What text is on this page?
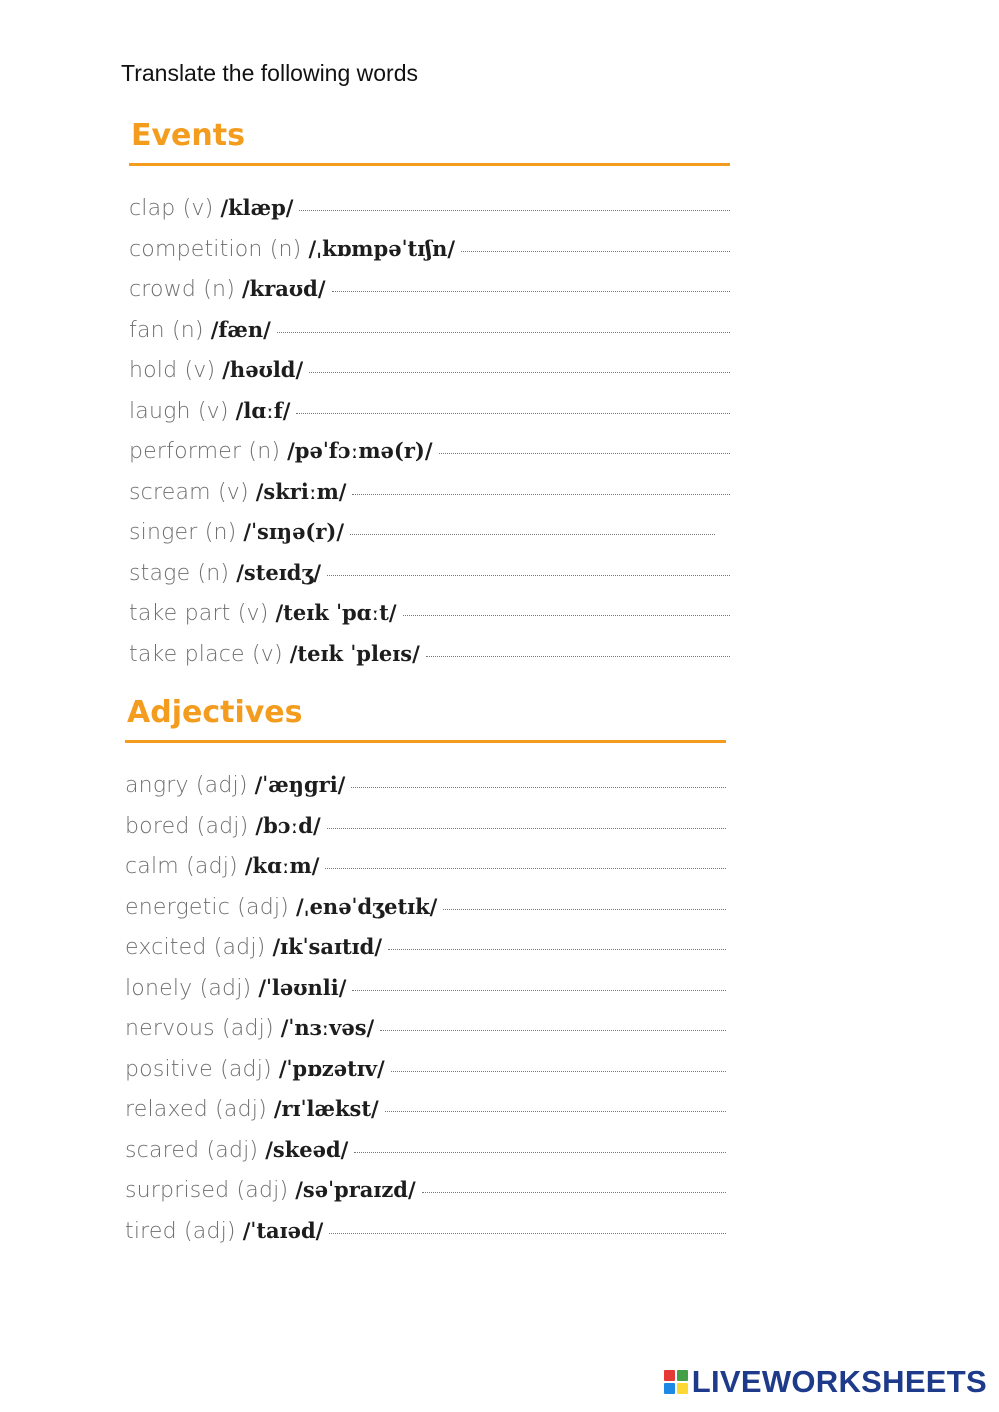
Translate the following words
Events
clap (v) /klæp/
competition (n) /ˌkɒmpəˈtɪʃn/
crowd (n) /kraʊd/
fan (n) /fæn/
hold (v) /həʊld/
laugh (v) /lɑːf/
performer (n) /pəˈfɔːmə(r)/
scream (v) /skriːm/
singer (n) /ˈsɪŋə(r)/
stage (n) /steɪdʒ/
take part (v) /teɪk ˈpɑːt/
take place (v) /teɪk ˈpleɪs/
Adjectives
angry (adj) /ˈæŋgri/
bored (adj) /bɔːd/
calm (adj) /kɑːm/
energetic (adj) /ˌenəˈdʒetɪk/
excited (adj) /ɪkˈsaɪtɪd/
lonely (adj) /ˈləʊnli/
nervous (adj) /ˈnɜːvəs/
positive (adj) /ˈpɒzətɪv/
relaxed (adj) /rɪˈlækst/
scared (adj) /skeəd/
surprised (adj) /səˈpraɪzd/
tired (adj) /ˈtaɪəd/
LIVEWORKSHEETS
